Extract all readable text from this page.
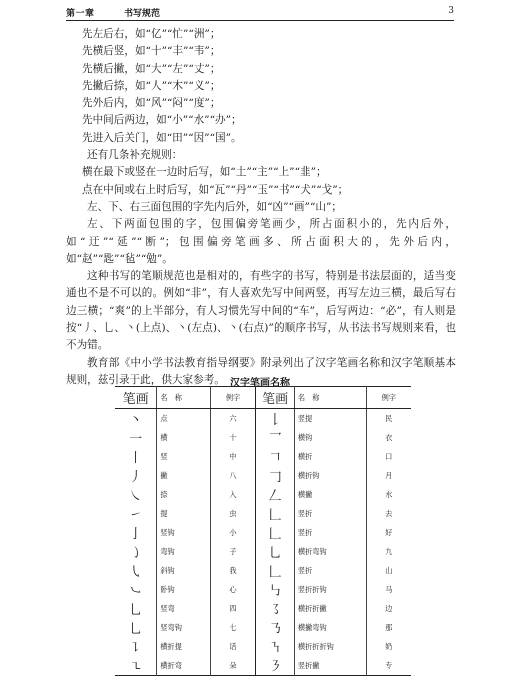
第一章	书写规范	3
先左后右，如“亿”“忙”“洲”；
先横后竖，如“十”“丰”“韦”；
先横后撇，如“大”“左”“丈”；
先撇后捺，如“人”“木”“义”；
先外后内，如“风”“闷”“度”；
先中间后两边，如“小”“水”“办”；
先进入后关门，如“田”“因”“国”。
还有几条补充规则：
横在最下或竖在一边时后写，如“土”“主”“上”“韭”；
点在中间或右上时后写，如“瓦”“丹”“玉”“书”“犬”“戈”；
左、下、右三面包围的字先内后外，如“凶”“画”“山”；
左、下两面包围的字，包围偏旁笔画少，所占面积小的，先内后外，如“迂”“延”“断”；包围偏旁笔画多、所占面积大的，先外后内，如“赵”“匙”“毡”“勉”。
这种书写的笔顺规范也是相对的，有些字的书写，特别是书法层面的，适当变通也不是不可以的。例如“非”，有人喜欢先写中间两竖，再写左边三横，最后写右边三横；“爽”的上半部分，有人习惯先写中间的“车”，后写两边：“必”，有人则是按“丿、乚、丶(上点)、丶(左点)、丶(右点)”的顺序书写，从书法书写规则来看，也不为错。
教育部《中小学书法教育指导纲要》附录列出了汉字笔画名称和汉字笔顺基本规则，兹引录于此，供大家参考。 汉字笔画名称
笔画	名　称	例字	笔画	名　称	例字
丶	点	六	𠄌	竖提	民
一	横	十	乛	横钩	衣
丨	竖	中	𠃍	横折	口
丿	撇	八	𠃌	横折钩	月
㇏	捺	入	𠃋	横撇	水
㇀	提	虫	𠃊	竖折	去
亅	竖钩	小	𠃊	竖折	好
㇁	弯钩	子	乚	横折弯钩	九
㇂	斜钩	我	𠃊	竖折	山
㇃	卧钩	心	㇉	竖折折钩	马
乚	竖弯	四	㇌	横折折撇	边
乚	竖弯钩	七	㇡	横撇弯钩	那
㇊	横折提	话	㇎	横折折折钩	奶
㇍	横折弯	朵	㇋	竖折撇	专
